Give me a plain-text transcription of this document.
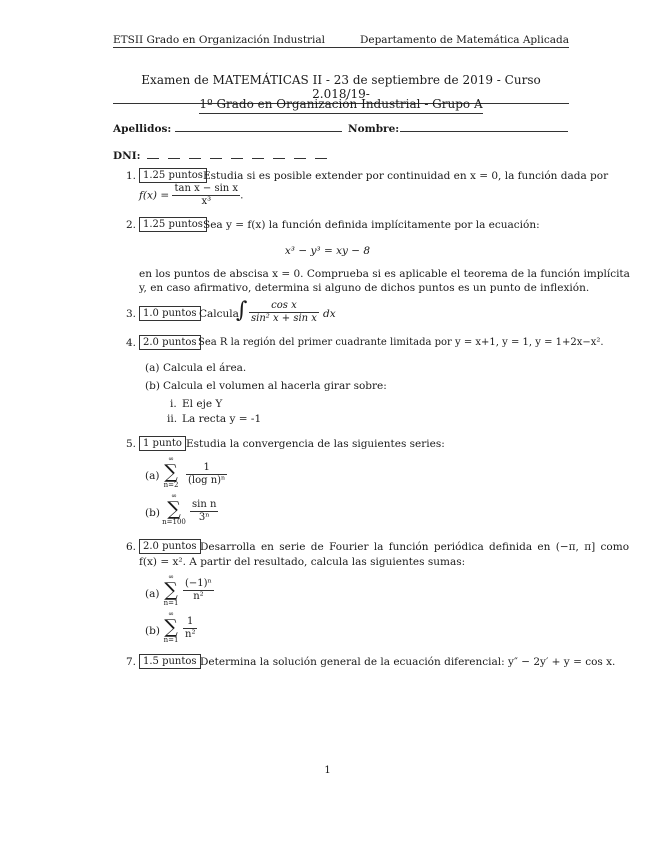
ETSII Grado en Organización Industrial	Departamento de Matemática Aplicada
Examen de MATEMÁTICAS II - 23 de septiembre de 2019 - Curso 2.018/19-
1º Grado en Organización Industrial - Grupo A
Apellidos:	Nombre:
DNI:
1. 1.25 puntos Estudia si es posible extender por continuidad en x = 0, la función dada por
$f(x) = \frac{\text{tan x − sin x}}{\text{x³}}$ .
2. 1.25 puntos Sea y = f(x) la función definida implícitamente por la ecuación:
x³ − y³ = xy − 8
en los puntos de abscisa x = 0. Comprueba si es aplicable el teorema de la función implícita
y, en caso afirmativo, determina si alguno de dichos puntos es un punto de inflexión.
3. 1.0 puntos Calcula
∫ $\frac{\text{cos x}}{\text{sin² x + sin x}}$ dx
4. 2.0 puntos Sea R la región del primer cuadrante limitada por y = x+1, y = 1, y = 1+2x−x².
(a) Calcula el área.
(b) Calcula el volumen al hacerla girar sobre:
i. El eje Y
ii. La recta y = -1
5. 1 punto Estudia la convergencia de las siguientes series:
(a)
∞
∑
$n=2 \frac{1}{\text{(log n)ⁿ}}$
(b)
∞
∑
$n=100 \frac{\text{sin n}}{\text{3ⁿ}}$
6. 2.0 puntos Desarrolla en serie de Fourier la función periódica definida en (−π, π] como
f(x) = x². A partir del resultado, calcula las siguientes sumas:
(a)
∞
∑
$n=1 \frac{\text{(−1)ⁿ}}{\text{n²}}$
(b)
∞
∑
$n=1 \frac{1}{\text{n²}}$
7. 1.5 puntos Determina la solución general de la ecuación diferencial: y″ − 2y′ + y = cos x.
1
